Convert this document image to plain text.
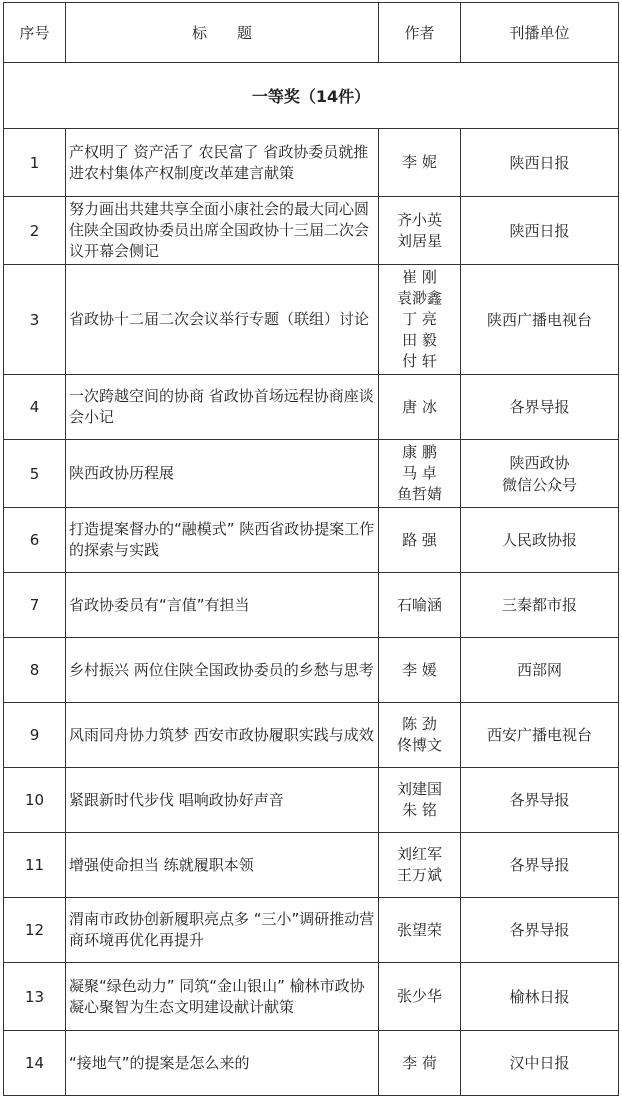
序号	标　　题	作者	刊播单位
一等奖（14件）			
1	产权明了 资产活了 农民富了 省政协委员就推进农村集体产权制度改革建言献策	李 妮	陕西日报

2	努力画出共建共享全面小康社会的最大同心圆 住陕全国政协委员出席全国政协十三届二次会议开幕会侧记	齐小英
刘居星	陕西日报

3	省政协十二届二次会议举行专题（联组）讨论	崔 刚
袁渺鑫
丁 亮
田 毅
付 轩	陕西广播电视台

4	一次跨越空间的协商 省政协首场远程协商座谈会小记	唐 冰	各界导报

5	陕西政协历程展	康 鹏
马 卓
鱼哲婧	陕西政协
微信公众号

6	打造提案督办的“融模式” 陕西省政协提案工作的探索与实践	路 强	人民政协报

7	省政协委员有“言值”有担当	石喻涵	三秦都市报

8	乡村振兴 两位住陕全国政协委员的乡愁与思考	李 媛	西部网

9	风雨同舟协力筑梦 西安市政协履职实践与成效	陈 劲
佟博文	西安广播电视台

10	紧跟新时代步伐 唱响政协好声音	刘建国
朱 铭	各界导报

11	增强使命担当 练就履职本领	刘红军
王万斌	各界导报

12	渭南市政协创新履职亮点多 “三小”调研推动营商环境再优化再提升	张望荣	各界导报

13	凝聚“绿色动力” 同筑“金山银山” 榆林市政协凝心聚智为生态文明建设献计献策	张少华	榆林日报

14	“接地气”的提案是怎么来的	李 荷	汉中日报
